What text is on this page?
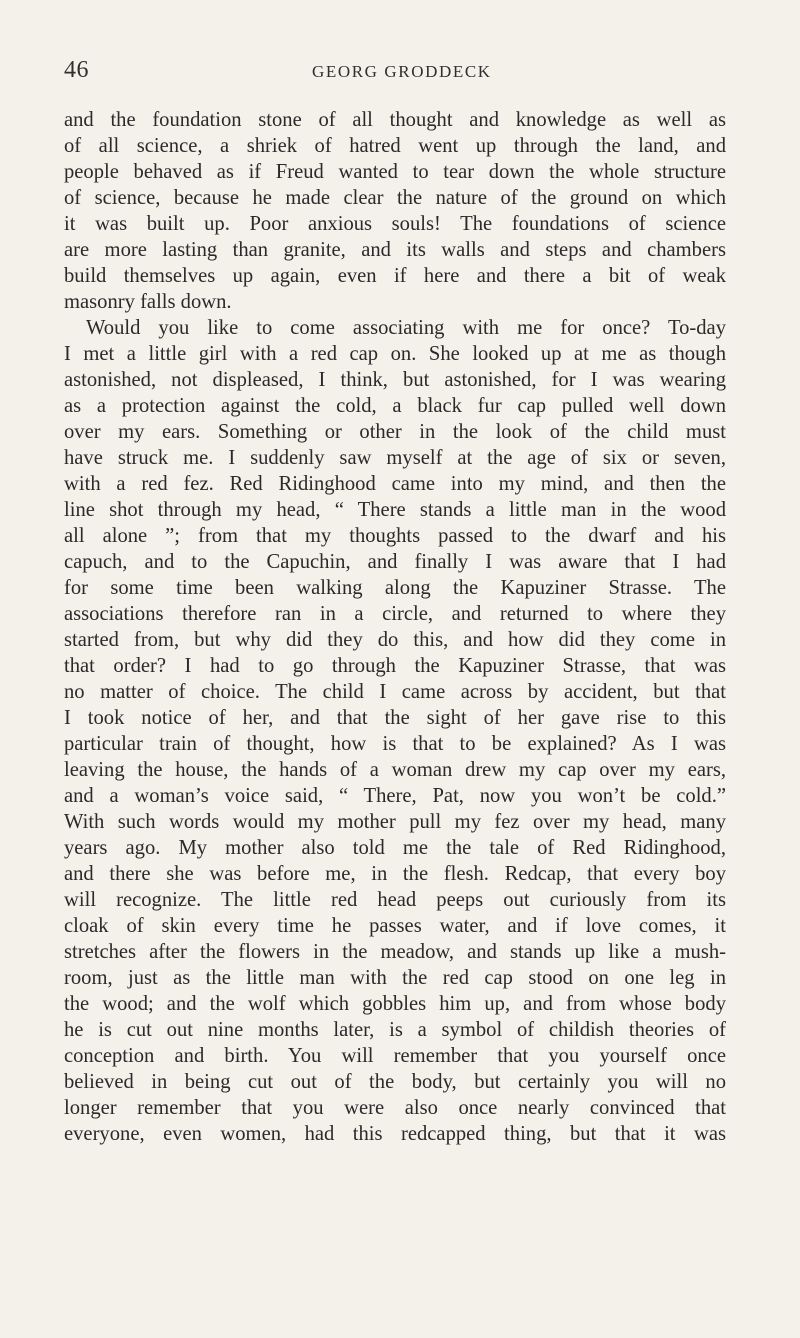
46	GEORG GRODDECK
and the foundation stone of all thought and knowledge as well as
of all science, a shriek of hatred went up through the land, and
people behaved as if Freud wanted to tear down the whole structure
of science, because he made clear the nature of the ground on which
it was built up. Poor anxious souls! The foundations of science
are more lasting than granite, and its walls and steps and chambers
build themselves up again, even if here and there a bit of weak
masonry falls down.
Would you like to come associating with me for once? To-day
I met a little girl with a red cap on. She looked up at me as though
astonished, not displeased, I think, but astonished, for I was wearing
as a protection against the cold, a black fur cap pulled well down
over my ears. Something or other in the look of the child must
have struck me. I suddenly saw myself at the age of six or seven,
with a red fez. Red Ridinghood came into my mind, and then the
line shot through my head, “ There stands a little man in the wood
all alone ”; from that my thoughts passed to the dwarf and his
capuch, and to the Capuchin, and finally I was aware that I had
for some time been walking along the Kapuziner Strasse. The
associations therefore ran in a circle, and returned to where they
started from, but why did they do this, and how did they come in
that order? I had to go through the Kapuziner Strasse, that was
no matter of choice. The child I came across by accident, but that
I took notice of her, and that the sight of her gave rise to this
particular train of thought, how is that to be explained? As I was
leaving the house, the hands of a woman drew my cap over my ears,
and a woman’s voice said, “ There, Pat, now you won’t be cold.”
With such words would my mother pull my fez over my head, many
years ago. My mother also told me the tale of Red Ridinghood,
and there she was before me, in the flesh. Redcap, that every boy
will recognize. The little red head peeps out curiously from its
cloak of skin every time he passes water, and if love comes, it
stretches after the flowers in the meadow, and stands up like a mush-
room, just as the little man with the red cap stood on one leg in
the wood; and the wolf which gobbles him up, and from whose body
he is cut out nine months later, is a symbol of childish theories of
conception and birth. You will remember that you yourself once
believed in being cut out of the body, but certainly you will no
longer remember that you were also once nearly convinced that
everyone, even women, had this redcapped thing, but that it was
